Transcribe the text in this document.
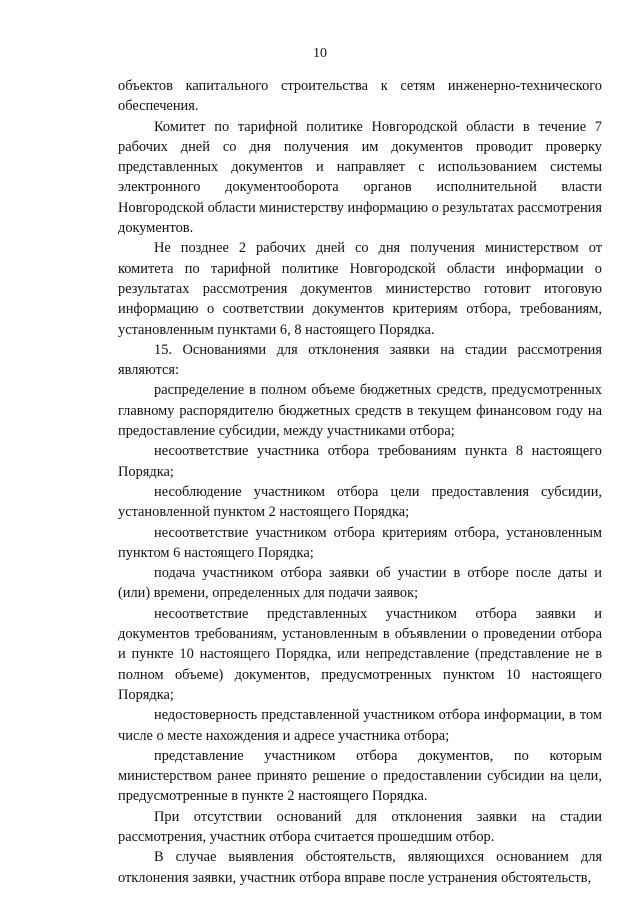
10

объектов капитального строительства к сетям инженерно-технического обеспечения.

Комитет по тарифной политике Новгородской области в течение 7 рабочих дней со дня получения им документов проводит проверку представленных документов и направляет с использованием системы электронного документооборота органов исполнительной власти Новгородской области министерству информацию о результатах рассмотрения документов.

Не позднее 2 рабочих дней со дня получения министерством от комитета по тарифной политике Новгородской области информации о результатах рассмотрения документов министерство готовит итоговую информацию о соответствии документов критериям отбора, требованиям, установленным пунктами 6, 8 настоящего Порядка.

15. Основаниями для отклонения заявки на стадии рассмотрения являются:

распределение в полном объеме бюджетных средств, предусмотренных главному распорядителю бюджетных средств в текущем финансовом году на предоставление субсидии, между участниками отбора;

несоответствие участника отбора требованиям пункта 8 настоящего Порядка;

несоблюдение участником отбора цели предоставления субсидии, установленной пунктом 2 настоящего Порядка;

несоответствие участником отбора критериям отбора, установленным пунктом 6 настоящего Порядка;

подача участником отбора заявки об участии в отборе после даты и (или) времени, определенных для подачи заявок;

несоответствие представленных участником отбора заявки и документов требованиям, установленным в объявлении о проведении отбора и пункте 10 настоящего Порядка, или непредставление (представление не в полном объеме) документов, предусмотренных пунктом 10 настоящего Порядка;

недостоверность представленной участником отбора информации, в том числе о месте нахождения и адресе участника отбора;

представление участником отбора документов, по которым министерством ранее принято решение о предоставлении субсидии на цели, предусмотренные в пункте 2 настоящего Порядка.

При отсутствии оснований для отклонения заявки на стадии рассмотрения, участник отбора считается прошедшим отбор.

В случае выявления обстоятельств, являющихся основанием для отклонения заявки, участник отбора вправе после устранения обстоятельств,
